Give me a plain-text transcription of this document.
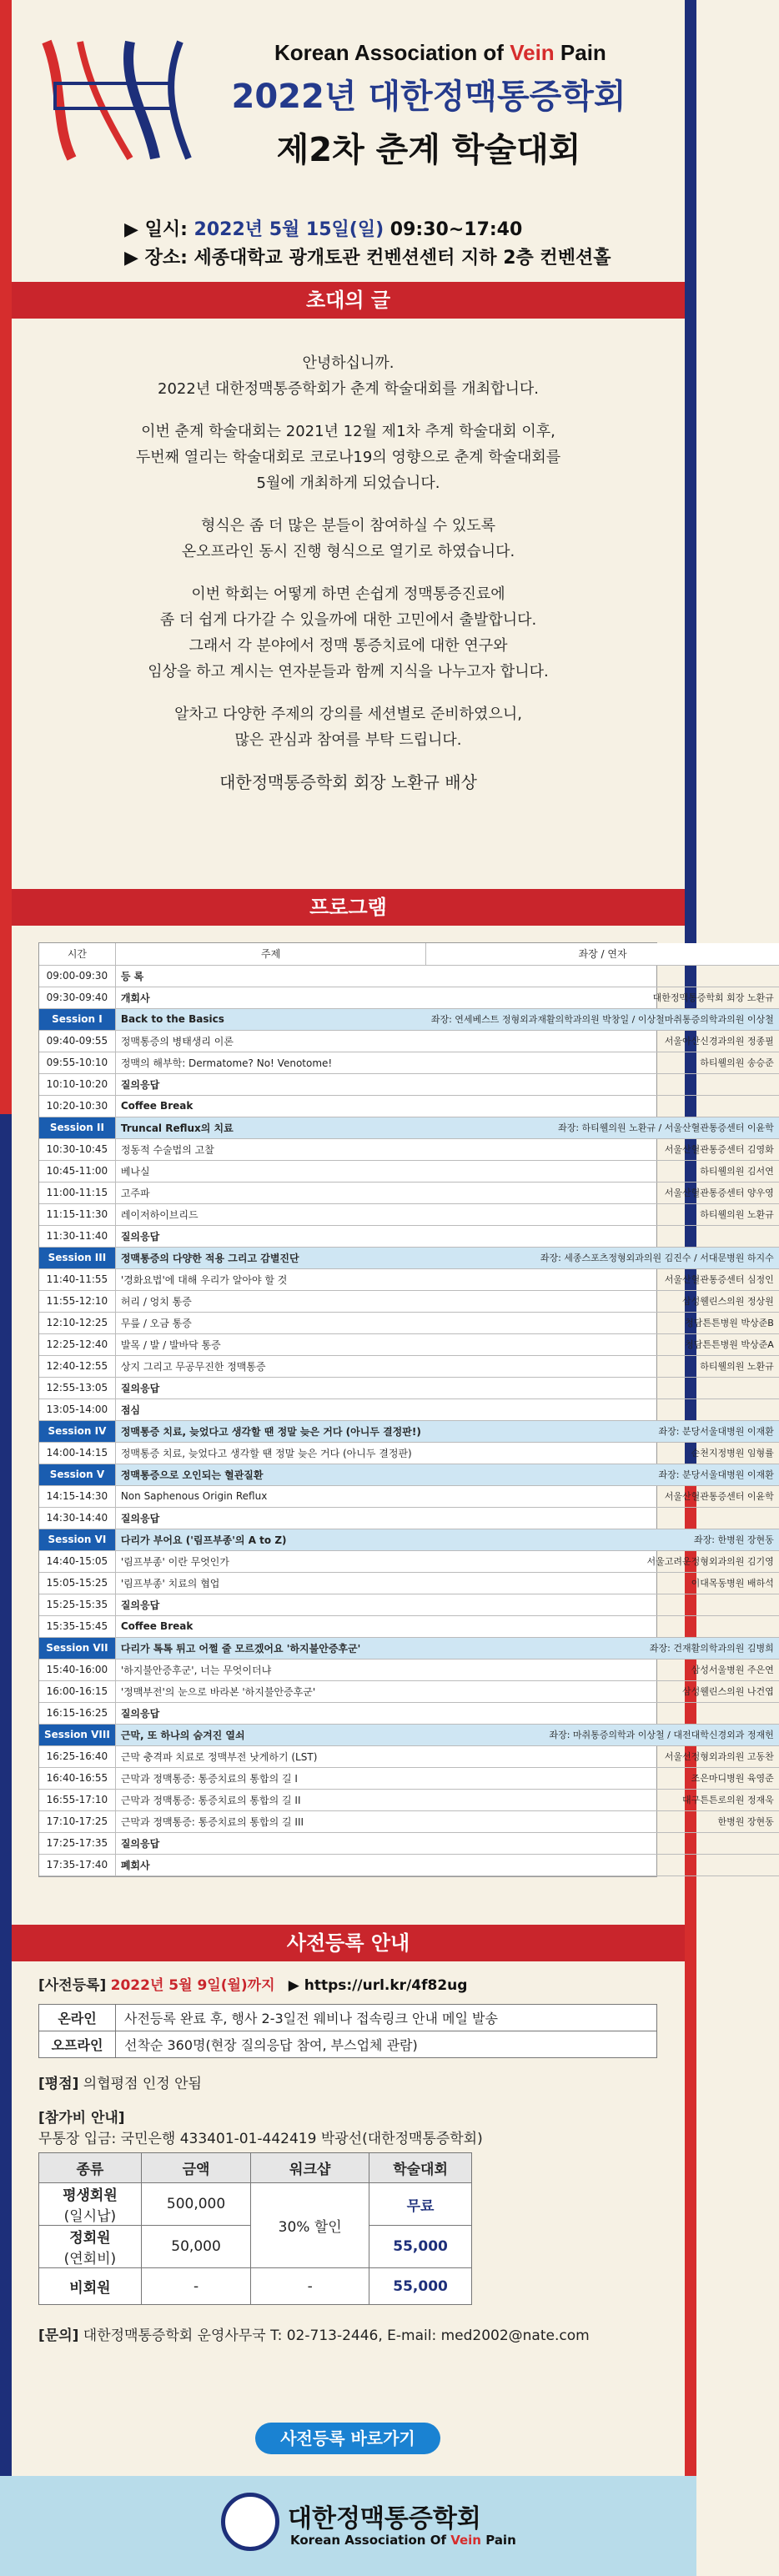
Korean Association of Vein Pain
2022년 대한정맥통증학회
제2차 춘계 학술대회
▶ 일시: 2022년 5월 15일(일) 09:30~17:40
▶ 장소: 세종대학교 광개토관 컨벤션센터 지하 2층 컨벤션홀
초대의 글
안녕하십니까.
2022년 대한정맥통증학회가 춘계 학술대회를 개최합니다.
이번 춘계 학술대회는 2021년 12월 제1차 추계 학술대회 이후,
두번째 열리는 학술대회로 코로나19의 영향으로 춘계 학술대회를
5월에 개최하게 되었습니다.
형식은 좀 더 많은 분들이 참여하실 수 있도록
온오프라인 동시 진행 형식으로 열기로 하였습니다.
이번 학회는 어떻게 하면 손쉽게 정맥통증진료에
좀 더 쉽게 다가갈 수 있을까에 대한 고민에서 출발합니다.
그래서 각 분야에서 정맥 통증치료에 대한 연구와
임상을 하고 계시는 연자분들과 함께 지식을 나누고자 합니다.
알차고 다양한 주제의 강의를 세션별로 준비하였으니,
많은 관심과 참여를 부탁 드립니다.
대한정맥통증학회 회장 노환규 배상
프로그램
시간	주제	좌장 / 연자
09:00-09:30	등 록	
09:30-09:40	개회사	대한정맥통증학회 회장 노환규
Session I	Back to the Basics	좌장: 연세베스트 정형외과재활의학과의원 박창일 / 이상철마취통증의학과의원 이상철
09:40-09:55	정맥통증의 병태생리 이론	서울아산신경과의원 정종필
09:55-10:10	정맥의 해부학: Dermatome? No! Venotome!	하티웰의원 송승준
10:10-10:20	질의응답	
10:20-10:30	Coffee Break	
Session II	Truncal Reflux의 치료	좌장: 하티웰의원 노환규 / 서울산혈관통증센터 이윤학
10:30-10:45	정동적 수술법의 고찰	서울산혈관통증센터 김영화
10:45-11:00	베나실	하티웰의원 김서연
11:00-11:15	고주파	서울산혈관통증센터 양우영
11:15-11:30	레이저하이브리드	하티웰의원 노환규
11:30-11:40	질의응답	
Session III	정맥통증의 다양한 적용 그리고 감별진단	좌장: 세종스포츠정형외과의원 김진수 / 서대문병원 하지수
11:40-11:55	'경화요법'에 대해 우리가 알아야 할 것	서울산혈관통증센터 심정인
11:55-12:10	허리 / 엉치 통증	삼성웰린스의원 정상원
12:10-12:25	무릎 / 오금 통증	청담튼튼병원 박상준B
12:25-12:40	발목 / 발 / 발바닥 통증	청담튼튼병원 박상준A
12:40-12:55	상지 그리고 무공무진한 정맥통증	하티웰의원 노환규
12:55-13:05	질의응답	
13:05-14:00	점심	
Session IV	정맥통증 치료, 늦었다고 생각할 땐 정말 늦은 거다 (아니두 결정판!)	좌장: 분당서울대병원 이재환
14:00-14:15	정맥통증 치료, 늦었다고 생각할 땐 정말 늦은 거다 (아니두 결정판)	순천지정병원 임형률
Session V	정맥통증으로 오인되는 혈관질환	좌장: 분당서울대병원 이재환
14:15-14:30	Non Saphenous Origin Reflux	서울산혈관통증센터 이윤학
14:30-14:40	질의응답	
Session VI	다리가 부어요 ('림프부종'의 A to Z)	좌장: 한병원 장현동
14:40-15:05	'림프부종' 이란 무엇인가	서울고려운정형외과의원 김기영
15:05-15:25	'림프부종' 치료의 협업	이대목동병원 배하석
15:25-15:35	질의응답	
15:35-15:45	Coffee Break	
Session VII	다리가 톡톡 튀고 어쩔 줄 모르겠어요 '하지불안증후군'	좌장: 건재활의학과의원 김병희
15:40-16:00	'하지불안증후군', 너는 무엇이더냐	삼성서울병원 주은연
16:00-16:15	'정맥부전'의 눈으로 바라본 '하지불안증후군'	삼성웰린스의원 나건엽
16:15-16:25	질의응답	
Session VIII	근막, 또 하나의 숨겨진 열쇠	좌장: 마취통증의학과 이상철 / 대전대학신경외과 정재헌
16:25-16:40	근막 충격파 치료로 정맥부전 낫게하기 (LST)	서울선정형외과의원 고동찬
16:40-16:55	근막과 정맥통증: 통증치료의 통합의 길 I	조은마디병원 육영준
16:55-17:10	근막과 정맥통증: 통증치료의 통합의 길 II	대구튼튼로의원 정재욱
17:10-17:25	근막과 정맥통증: 통증치료의 통합의 길 III	한병원 장현동
17:25-17:35	질의응답	
17:35-17:40	폐회사	
사전등록 안내
[사전등록] 2022년 5월 9일(월)까지 ▶ https://url.kr/4f82ug
온라인	사전등록 완료 후, 행사 2-3일전 웨비나 접속링크 안내 메일 발송
오프라인	선착순 360명(현장 질의응답 참여, 부스업체 관람)
[평점] 의협평점 인정 안됨
[참가비 안내]
무통장 입금: 국민은행 433401-01-442419 박광선(대한정맥통증학회)
종류	금액	워크샵	학술대회

평생회원
(일시납)	500,000	30% 할인	무료

정회원
(연회비)	50,000		55,000
비회원	-	-	55,000
[문의] 대한정맥통증학회 운영사무국 T: 02-713-2446, E-mail: med2002@nate.com
사전등록 바로가기
대한정맥통증학회
Korean Association Of Vein Pain
